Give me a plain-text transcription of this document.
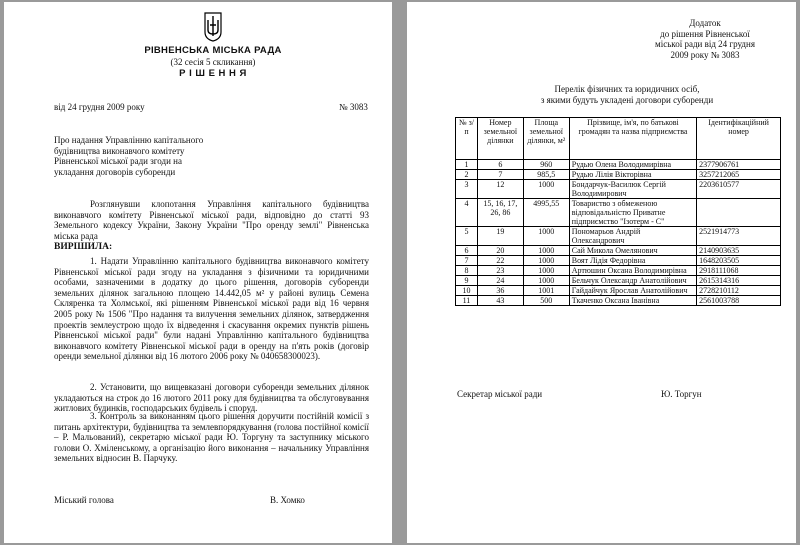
РІВНЕНСЬКА МІСЬКА РАДА
(32 сесія 5 скликання)
Р І Ш Е Н Н Я
від 24 грудня 2009 року	№ 3083
Про надання Управлінню капітального
будівництва виконавчого комітету
Рівненської міської ради згоди на
укладання договорів суборенди
Розглянувши клопотання Управління капітального будівництва виконавчого комітету Рівненської міської ради, відповідно до статті 93 Земельного кодексу України, Закону України "Про оренду землі" Рівненська міська рада
ВИРІШИЛА:
1. Надати Управлінню капітального будівництва виконавчого комітету Рівненської міської ради згоду на укладання з фізичними та юридичними особами, зазначеними в додатку до цього рішення, договорів суборенди земельних ділянок загальною площею 14.442,05 м² у районі вулиць Семена Скляренка та Холмської, які рішенням Рівненської міської ради від 16 червня 2005 року № 1506 "Про надання та вилучення земельних ділянок, затвердження проектів землеустрою щодо їх відведення і скасування окремих пунктів рішень Рівненської міської ради" були надані Управлінню капітального будівництва виконавчого комітету Рівненської міської ради в оренду на п'ять років (договір оренди земельної ділянки від 16 лютого 2006 року № 040658300023).
2. Установити, що вищевказані договори суборенди земельних ділянок укладаються на строк до 16 лютого 2011 року для будівництва та обслуговування житлових будинків, господарських будівель і споруд.
3. Контроль за виконанням цього рішення доручити постійній комісії з питань архітектури, будівництва та землевпорядкування (голова постійної комісії – Р. Мальований), секретарю міської ради Ю. Торгуну та заступнику міського голови О. Хміленському, а організацію його виконання – начальнику Управління земельних відносин В. Парчуку.
Міський голова	В. Хомко
Додаток
до рішення Рівненської
міської ради від 24 грудня
2009 року № 3083
Перелік фізичних та юридичних осіб,
з якими будуть укладені договори суборенди
№ з/п	Номер земельної ділянки	Площа земельної ділянки, м²	Прізвище, ім'я, по батькові громадян та назва підприємства	Ідентифікаційний номер
1	6	960	Рудью Олена Володимирівна	2377906761
2	7	985,5	Рудью Лілія Вікторівна	3257212065
3	12	1000	Бондарчук-Василюк Сергій Володимирович	2203610577
4	15, 16, 17, 26, 86	4995,55	Товариство з обмеженою відповідальністю Приватне підприємство "Ізотерм - С"	
5	19	1000	Пономарьов Андрій Олександрович	2521914773
6	20	1000	Сай Микола Омелянович	2140903635
7	22	1000	Воят Лідія Федорівна	1648203505
8	23	1000	Артюшин Оксана Володимирівна	2918111068
9	24	1000	Бельчук Олександр Анатолійович	2615314316
10	36	1001	Гайдайчук Ярослав Анатолійович	2728210112
11	43	500	Ткаченко Оксана Іванівна	2561003788
Секретар міської ради	Ю. Торгун
